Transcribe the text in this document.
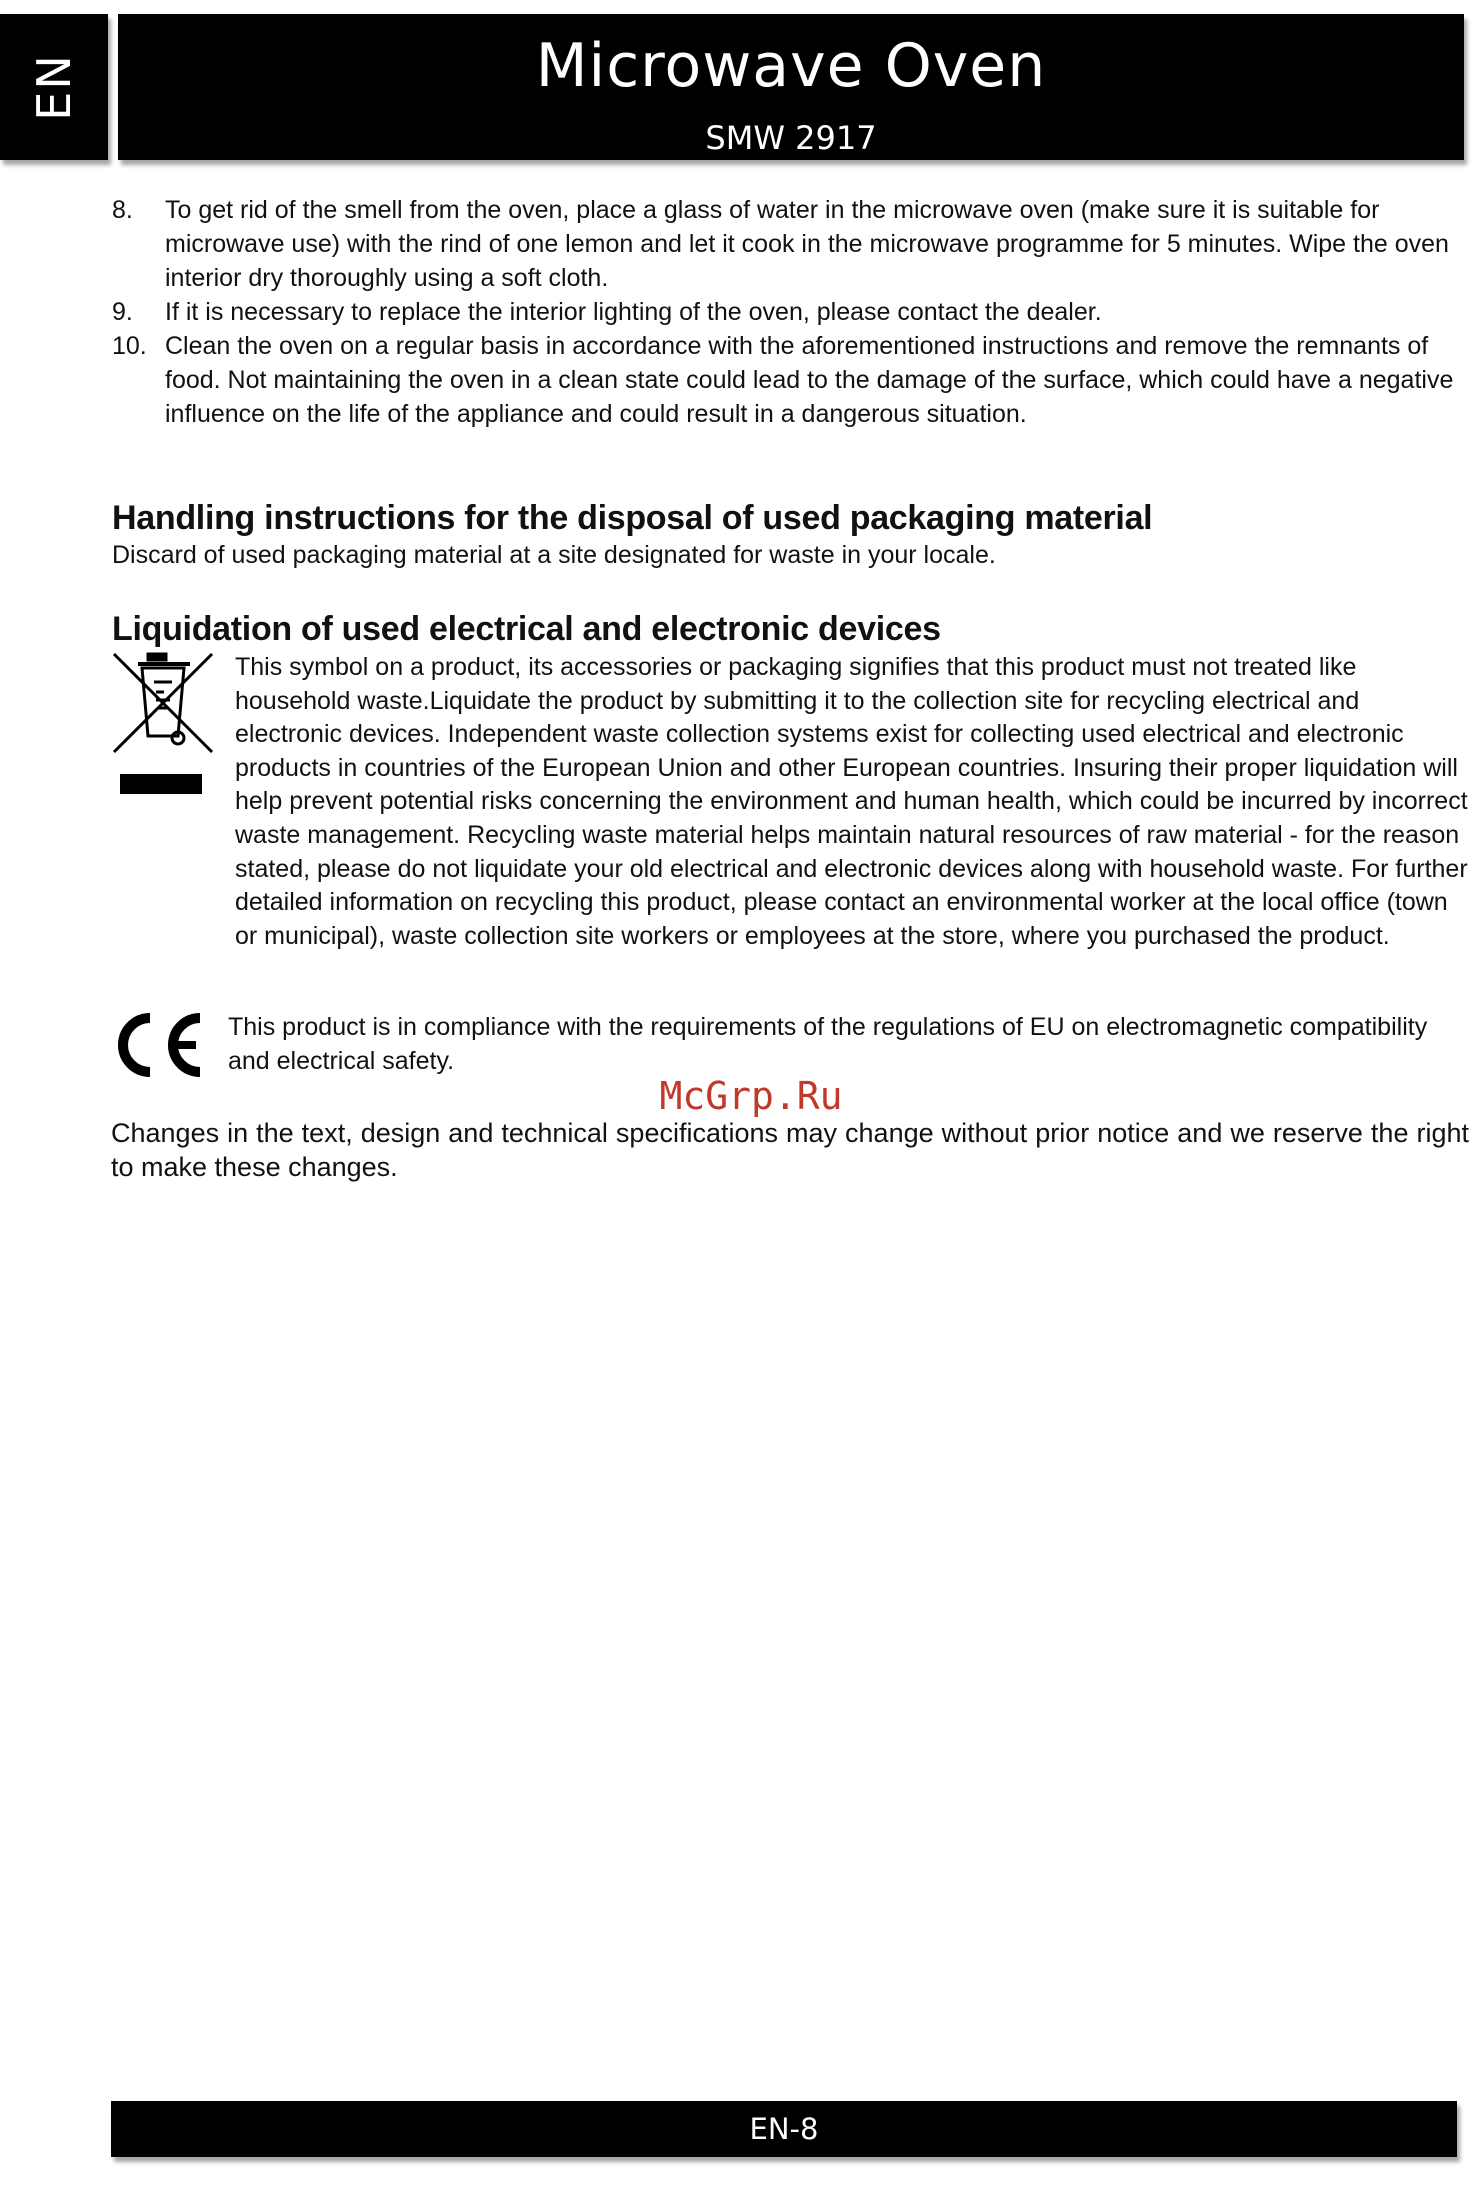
EN	Microwave Oven
SMW 2917
8. To get rid of the smell from the oven, place a glass of water in the microwave oven (make sure it is suitable for microwave use) with the rind of one lemon and let it cook in the microwave programme for 5 minutes. Wipe the oven interior dry thoroughly using a soft cloth.
9. If it is necessary to replace the interior lighting of the oven, please contact the dealer.
10. Clean the oven on a regular basis in accordance with the aforementioned instructions and remove the remnants of food. Not maintaining the oven in a clean state could lead to the damage of the surface, which could have a negative influence on the life of the appliance and could result in a dangerous situation.
Handling instructions for the disposal of used packaging material

Discard of used packaging material at a site designated for waste in your locale.

Liquidation of used electrical and electronic devices
This symbol on a product, its accessories or packaging signifies that this product must not treated like household waste.Liquidate the product by submitting it to the collection site for recycling electrical and electronic devices. Independent waste collection systems exist for collecting used electrical and electronic products in countries of the European Union and other European countries. Insuring their proper liquidation will help prevent potential risks concerning the environment and human health, which could be incurred by incorrect waste management. Recycling waste material helps maintain natural resources of raw material - for the reason stated, please do not liquidate your old electrical and electronic devices along with household waste. For further detailed information on recycling this product, please contact an environmental worker at the local office (town or municipal), waste collection site workers or employees at the store, where you purchased the product.
This product is in compliance with the requirements of the regulations of EU on electromagnetic compatibility and electrical safety.
McGrp.Ru

Changes in the text, design and technical specifications may change without prior notice and we reserve the right to make these changes.

EN-8
